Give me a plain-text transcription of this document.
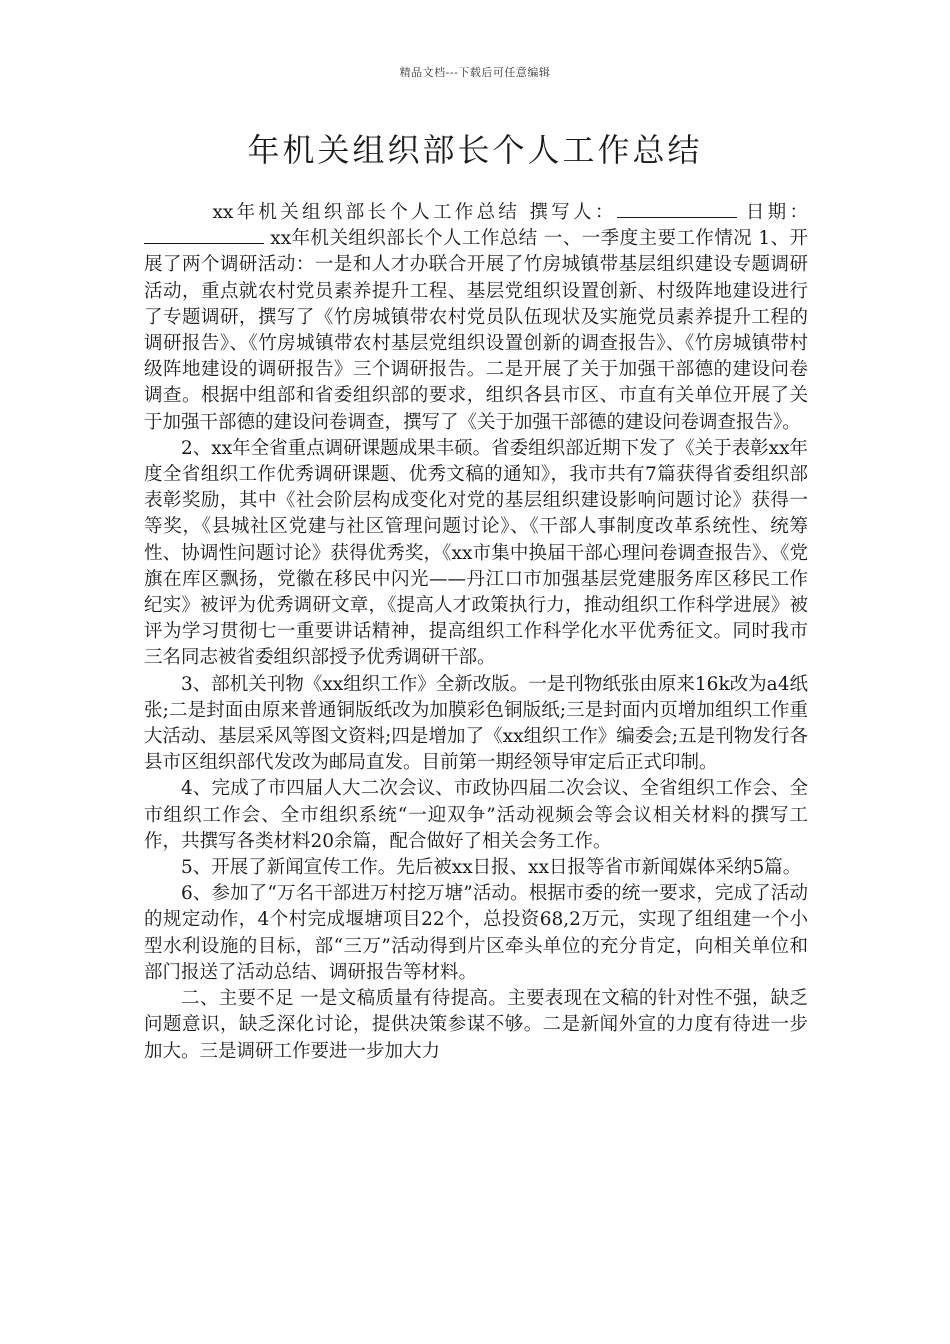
精品文档---下载后可任意编辑
年机关组织部长个人工作总结

xx年机关组织部长个人工作总结 撰写人：	日期： xx年机关组织部长个人工作总结 一、一季度主要工作情况 1、开展了两个调研活动：一是和人才办联合开展了竹房城镇带基层组织建设专题调研活动，重点就农村党员素养提升工程、基层党组织设置创新、村级阵地建设进行了专题调研，撰写了《竹房城镇带农村党员队伍现状及实施党员素养提升工程的调研报告》、《竹房城镇带农村基层党组织设置创新的调查报告》、《竹房城镇带村级阵地建设的调研报告》三个调研报告。二是开展了关于加强干部德的建设问卷调查。根据中组部和省委组织部的要求，组织各县市区、市直有关单位开展了关于加强干部德的建设问卷调查，撰写了《关于加强干部德的建设问卷调查报告》。

2、xx年全省重点调研课题成果丰硕。省委组织部近期下发了《关于表彰xx年度全省组织工作优秀调研课题、优秀文稿的通知》，我市共有7篇获得省委组织部表彰奖励，其中《社会阶层构成变化对党的基层组织建设影响问题讨论》获得一等奖，《县城社区党建与社区管理问题讨论》、《干部人事制度改革系统性、统筹性、协调性问题讨论》获得优秀奖，《xx市集中换届干部心理问卷调查报告》、《党旗在库区飘扬，党徽在移民中闪光——丹江口市加强基层党建服务库区移民工作纪实》被评为优秀调研文章，《提高人才政策执行力，推动组织工作科学进展》被评为学习贯彻七一重要讲话精神，提高组织工作科学化水平优秀征文。同时我市三名同志被省委组织部授予优秀调研干部。

3、部机关刊物《xx组织工作》全新改版。一是刊物纸张由原来16k改为a4纸张;二是封面由原来普通铜版纸改为加膜彩色铜版纸;三是封面内页增加组织工作重大活动、基层采风等图文资料;四是增加了《xx组织工作》编委会;五是刊物发行各县市区组织部代发改为邮局直发。目前第一期经领导审定后正式印制。

4、完成了市四届人大二次会议、市政协四届二次会议、全省组织工作会、全市组织工作会、全市组织系统“一迎双争”活动视频会等会议相关材料的撰写工作，共撰写各类材料20余篇，配合做好了相关会务工作。

5、开展了新闻宣传工作。先后被xx日报、xx日报等省市新闻媒体采纳5篇。

6、参加了“万名干部进万村挖万塘”活动。根据市委的统一要求，完成了活动的规定动作，4个村完成堰塘项目22个，总投资68,2万元，实现了组组建一个小型水利设施的目标，部“三万”活动得到片区牵头单位的充分肯定，向相关单位和部门报送了活动总结、调研报告等材料。

二、主要不足 一是文稿质量有待提高。主要表现在文稿的针对性不强，缺乏问题意识，缺乏深化讨论，提供决策参谋不够。二是新闻外宣的力度有待进一步加大。三是调研工作要进一步加大力
